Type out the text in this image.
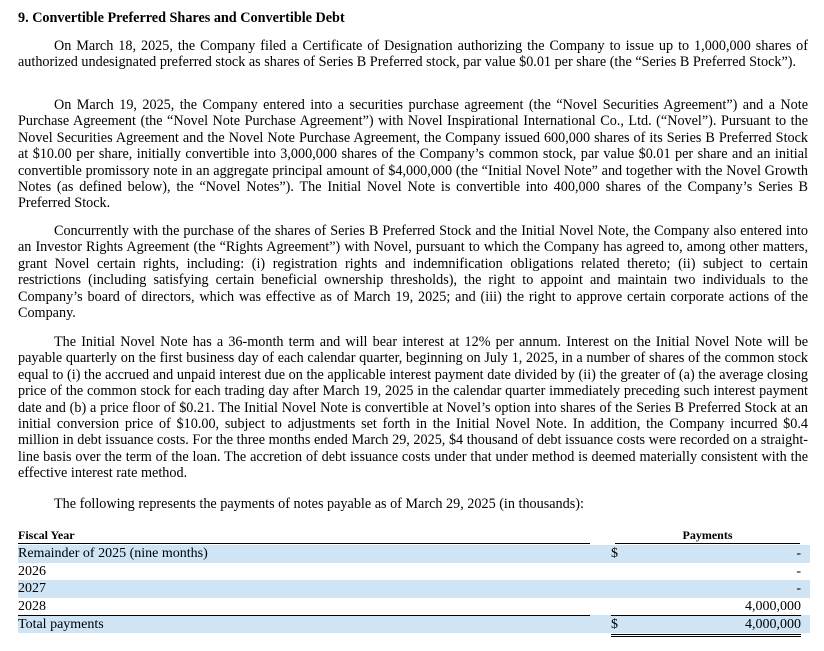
9. Convertible Preferred Shares and Convertible Debt

On March 18, 2025, the Company filed a Certificate of Designation authorizing the Company to issue up to 1,000,000 shares of authorized undesignated preferred stock as shares of Series B Preferred stock, par value $0.01 per share (the “Series B Preferred Stock”).

On March 19, 2025, the Company entered into a securities purchase agreement (the “Novel Securities Agreement”) and a Note Purchase Agreement (the “Novel Note Purchase Agreement”) with Novel Inspirational International Co., Ltd. (“Novel”). Pursuant to the Novel Securities Agreement and the Novel Note Purchase Agreement, the Company issued 600,000 shares of its Series B Preferred Stock at $10.00 per share, initially convertible into 3,000,000 shares of the Company’s common stock, par value $0.01 per share and an initial convertible promissory note in an aggregate principal amount of $4,000,000 (the “Initial Novel Note” and together with the Novel Growth Notes (as defined below), the “Novel Notes”). The Initial Novel Note is convertible into 400,000 shares of the Company’s Series B Preferred Stock.

Concurrently with the purchase of the shares of Series B Preferred Stock and the Initial Novel Note, the Company also entered into an Investor Rights Agreement (the “Rights Agreement”) with Novel, pursuant to which the Company has agreed to, among other matters, grant Novel certain rights, including: (i) registration rights and indemnification obligations related thereto; (ii) subject to certain restrictions (including satisfying certain beneficial ownership thresholds), the right to appoint and maintain two individuals to the Company’s board of directors, which was effective as of March 19, 2025; and (iii) the right to approve certain corporate actions of the Company.

The Initial Novel Note has a 36-month term and will bear interest at 12% per annum. Interest on the Initial Novel Note will be payable quarterly on the first business day of each calendar quarter, beginning on July 1, 2025, in a number of shares of the common stock equal to (i) the accrued and unpaid interest due on the applicable interest payment date divided by (ii) the greater of (a) the average closing price of the common stock for each trading day after March 19, 2025 in the calendar quarter immediately preceding such interest payment date and (b) a price floor of $0.21. The Initial Novel Note is convertible at Novel’s option into shares of the Series B Preferred Stock at an initial conversion price of $10.00, subject to adjustments set forth in the Initial Novel Note. In addition, the Company incurred $0.4 million in debt issuance costs. For the three months ended March 29, 2025, $4 thousand of debt issuance costs were recorded on a straight-line basis over the term of the loan. The accretion of debt issuance costs under that under method is deemed materially consistent with the effective interest rate method.

The following represents the payments of notes payable as of March 29, 2025 (in thousands):

Fiscal Year	Payments
Remainder of 2025 (nine months)	$	-
2026	-
2027	-
2028	4,000,000
Total payments	$	4,000,000
